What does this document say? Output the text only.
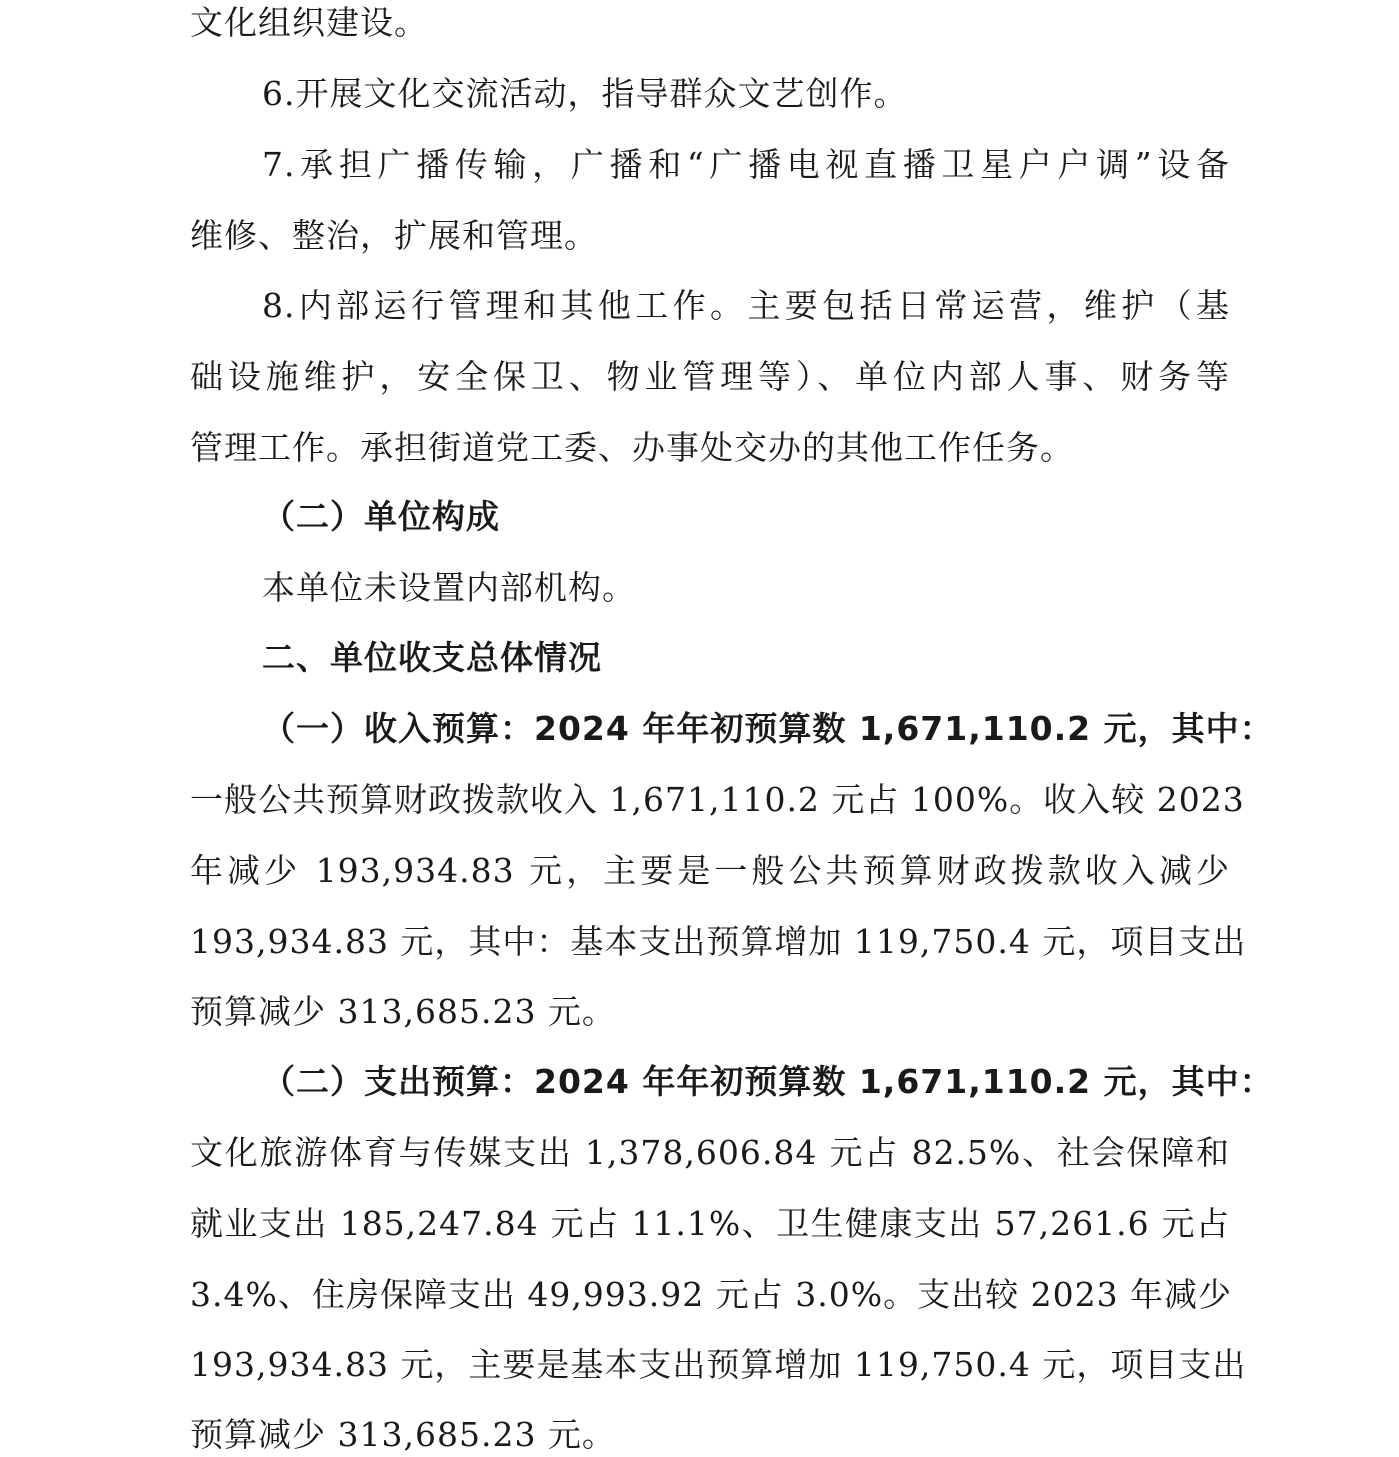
文化组织建设。
6.开展文化交流活动，指导群众文艺创作。
7.承担广播传输，广播和“广播电视直播卫星户户调”设备
维修、整治，扩展和管理。
8.内部运行管理和其他工作。主要包括日常运营，维护（基
础设施维护，安全保卫、物业管理等）、单位内部人事、财务等
管理工作。承担街道党工委、办事处交办的其他工作任务。
（二）单位构成
本单位未设置内部机构。
二、单位收支总体情况
（一）收入预算：2024 年年初预算数 1,671,110.2 元，其中：
一般公共预算财政拨款收入 1,671,110.2 元占 100%。收入较 2023
年减少 193,934.83 元，主要是一般公共预算财政拨款收入减少
193,934.83 元，其中：基本支出预算增加 119,750.4 元，项目支出
预算减少 313,685.23 元。
（二）支出预算：2024 年年初预算数 1,671,110.2 元，其中：
文化旅游体育与传媒支出 1,378,606.84 元占 82.5%、社会保障和
就业支出 185,247.84 元占 11.1%、卫生健康支出 57,261.6 元占
3.4%、住房保障支出 49,993.92 元占 3.0%。支出较 2023 年减少
193,934.83 元，主要是基本支出预算增加 119,750.4 元，项目支出
预算减少 313,685.23 元。
